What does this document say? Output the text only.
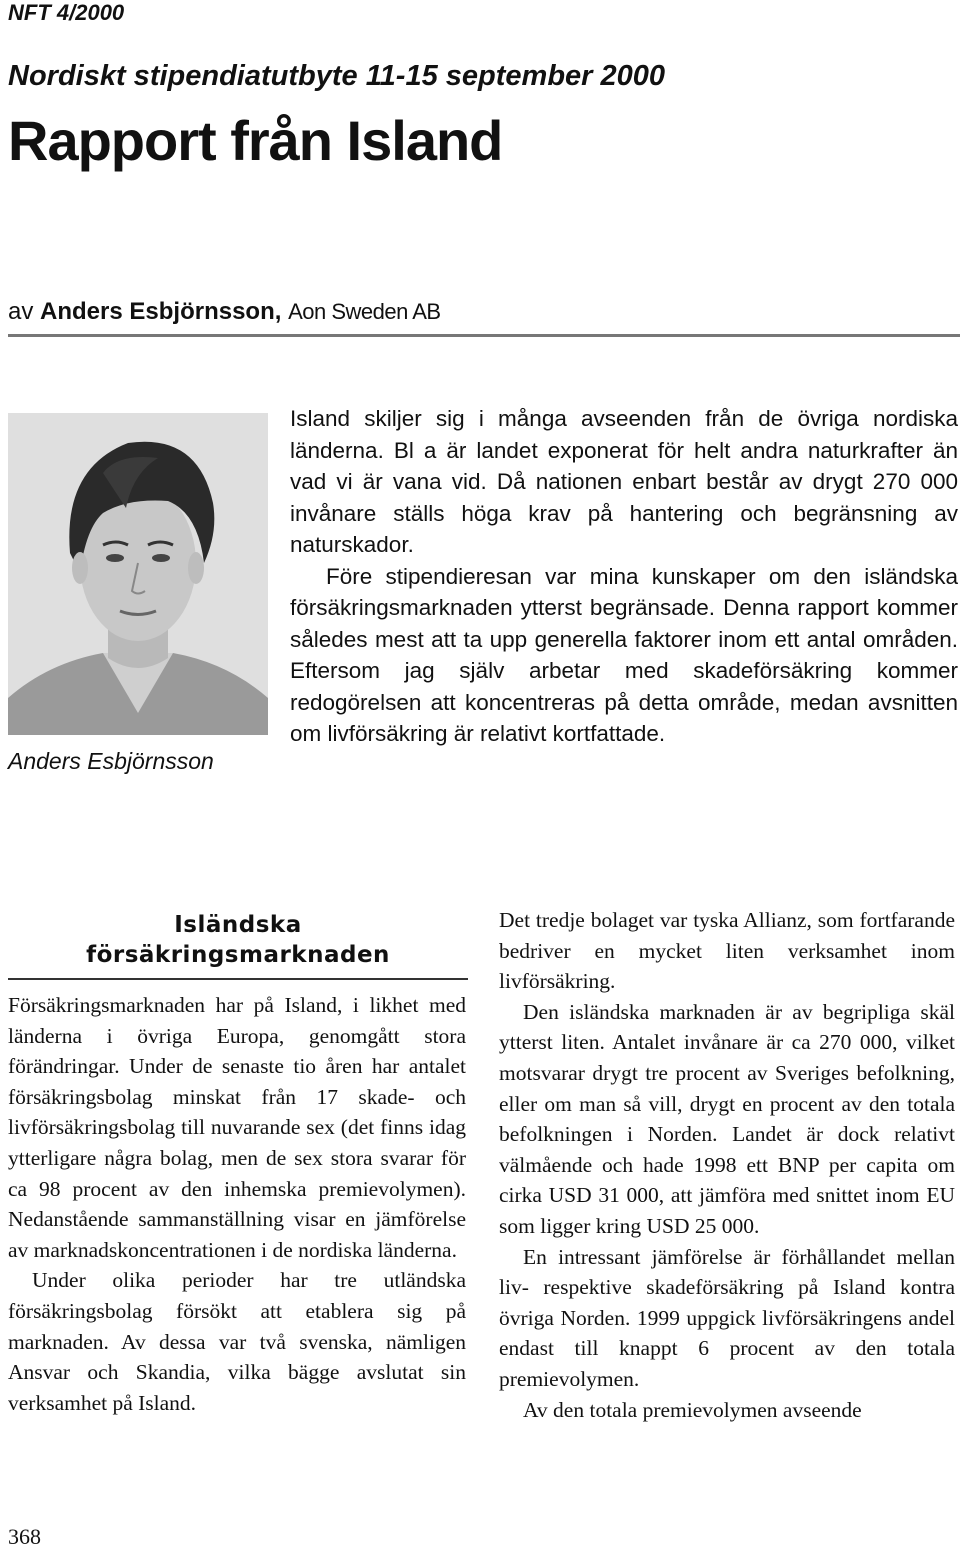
NFT 4/2000
Nordiskt stipendiatutbyte 11-15 september 2000
Rapport från Island
av Anders Esbjörnsson, Aon Sweden AB
Anders Esbjörnsson

Island skiljer sig i många avseenden från de övriga nordiska länderna. Bl a är landet exponerat för helt andra naturkrafter än vad vi är vana vid. Då nationen enbart består av drygt 270 000 invånare ställs höga krav på hantering och begränsning av naturskador.

Före stipendieresan var mina kunskaper om den isländska försäkringsmarknaden ytterst begränsade. Denna rapport kommer således mest att ta upp generella faktorer inom ett antal områden. Eftersom jag själv arbetar med skadeförsäkring kommer redogörelsen att koncentreras på detta område, medan avsnitten om livförsäkring är relativt kortfattade.

Isländska
försäkringsmarknaden

Försäkringsmarknaden har på Island, i likhet med länderna i övriga Europa, genomgått stora förändringar. Under de senaste tio åren har antalet försäkringsbolag minskat från 17 skade- och livförsäkringsbolag till nuvarande sex (det finns idag ytterligare några bolag, men de sex stora svarar för ca 98 procent av den inhemska premievolymen). Nedanstående sammanställning visar en jämförelse av marknadskoncentrationen i de nordiska länderna.

Under olika perioder har tre utländska försäkringsbolag försökt att etablera sig på marknaden. Av dessa var två svenska, nämligen Ansvar och Skandia, vilka bägge avslutat sin verksamhet på Island.

Det tredje bolaget var tyska Allianz, som fortfarande bedriver en mycket liten verksamhet inom livförsäkring.

Den isländska marknaden är av begripliga skäl ytterst liten. Antalet invånare är ca 270 000, vilket motsvarar drygt tre procent av Sveriges befolkning, eller om man så vill, drygt en procent av den totala befolkningen i Norden. Landet är dock relativt välmående och hade 1998 ett BNP per capita om cirka USD 31 000, att jämföra med snittet inom EU som ligger kring USD 25 000.

En intressant jämförelse är förhållandet mellan liv- respektive skadeförsäkring på Island kontra övriga Norden. 1999 uppgick livförsäkringens andel endast till knappt 6 procent av den totala premievolymen.

Av den totala premievolymen avseende

368
